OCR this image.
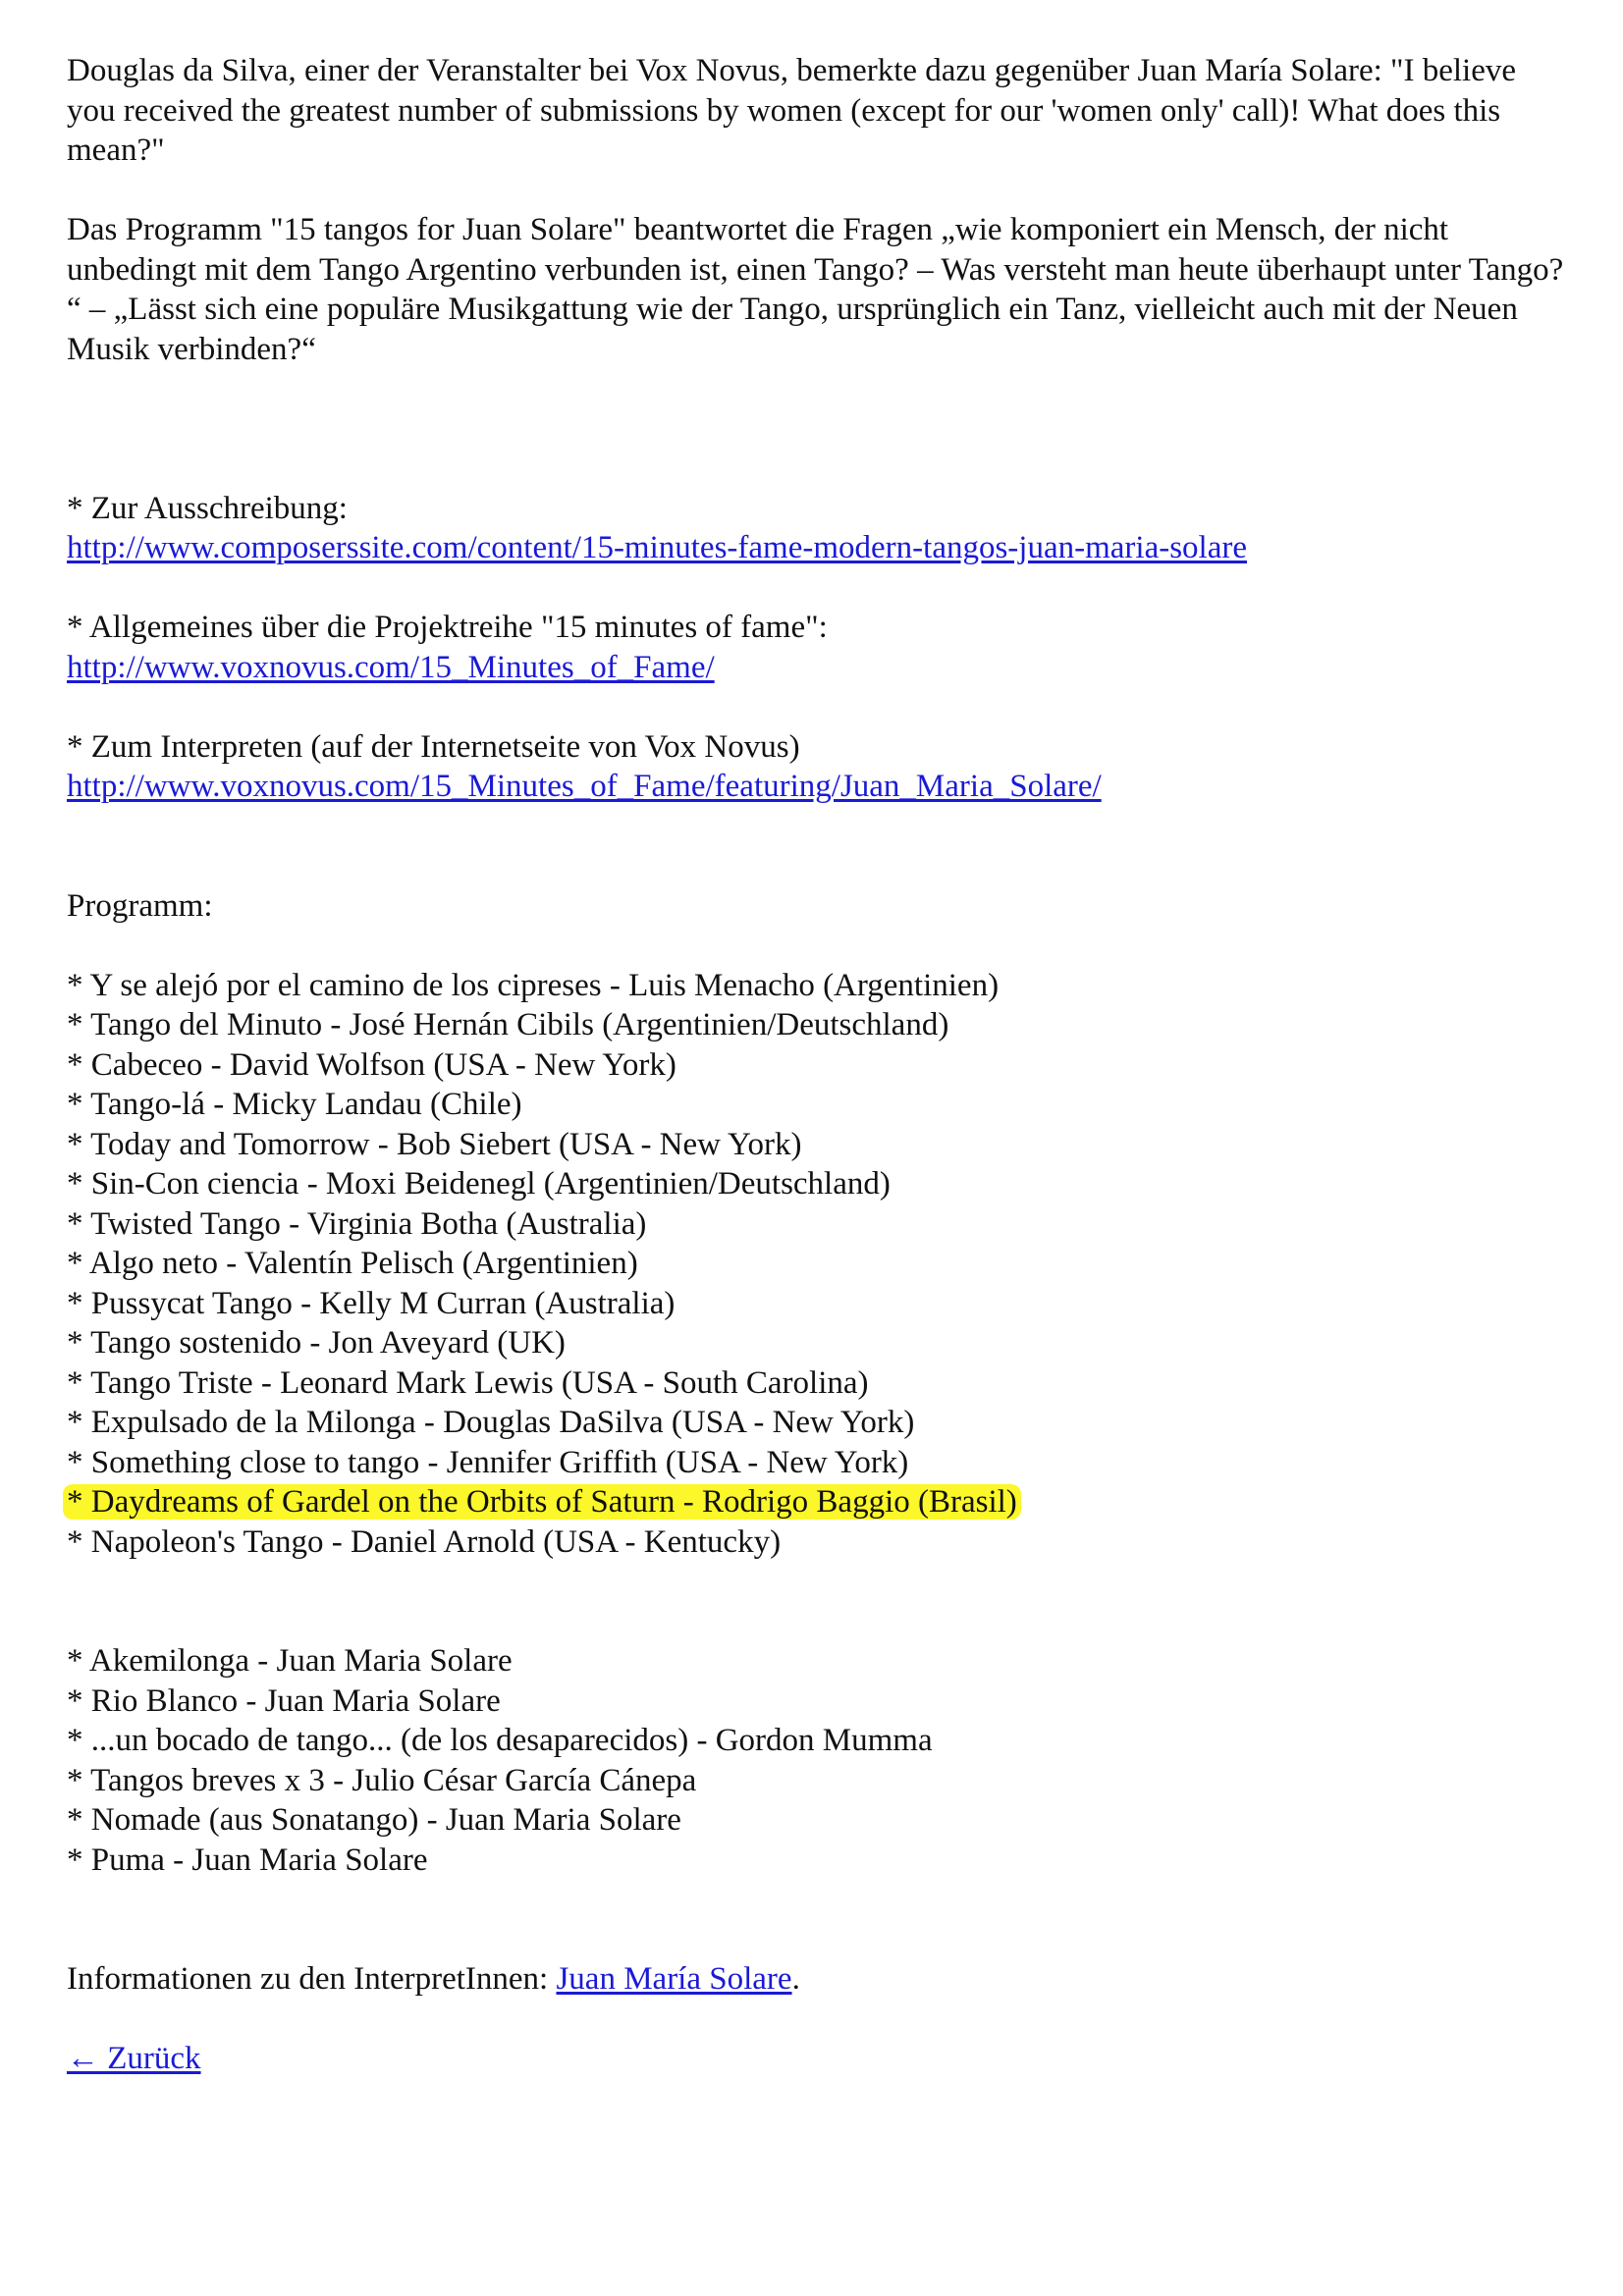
Douglas da Silva, einer der Veranstalter bei Vox Novus, bemerkte dazu gegenüber Juan María Solare: "I believe you received the greatest number of submissions by women (except for our 'women only' call)! What does this mean?"

Das Programm "15 tangos for Juan Solare" beantwortet die Fragen „wie komponiert ein Mensch, der nicht unbedingt mit dem Tango Argentino verbunden ist, einen Tango? – Was versteht man heute überhaupt unter Tango? “ – „Lässt sich eine populäre Musikgattung wie der Tango, ursprünglich ein Tanz, vielleicht auch mit der Neuen Musik verbinden?“

* Zur Ausschreibung:

http://www.composerssite.com/content/15-minutes-fame-modern-tangos-juan-maria-solare

* Allgemeines über die Projektreihe "15 minutes of fame":

http://www.voxnovus.com/15_Minutes_of_Fame/

* Zum Interpreten (auf der Internetseite von Vox Novus)

http://www.voxnovus.com/15_Minutes_of_Fame/featuring/Juan_Maria_Solare/

Programm:

* Y se alejó por el camino de los cipreses - Luis Menacho (Argentinien)
* Tango del Minuto - José Hernán Cibils (Argentinien/Deutschland)
* Cabeceo - David Wolfson (USA - New York)
* Tango-lá - Micky Landau (Chile)
* Today and Tomorrow - Bob Siebert (USA - New York)
* Sin-Con ciencia - Moxi Beidenegl (Argentinien/Deutschland)
* Twisted Tango - Virginia Botha (Australia)
* Algo neto - Valentín Pelisch (Argentinien)
* Pussycat Tango - Kelly M Curran (Australia)
* Tango sostenido - Jon Aveyard (UK)
* Tango Triste - Leonard Mark Lewis (USA - South Carolina)
* Expulsado de la Milonga - Douglas DaSilva (USA - New York)
* Something close to tango - Jennifer Griffith (USA - New York)
* Daydreams of Gardel on the Orbits of Saturn - Rodrigo Baggio (Brasil)
* Napoleon's Tango - Daniel Arnold (USA - Kentucky)
* Akemilonga - Juan Maria Solare
* Rio Blanco - Juan Maria Solare
* ...un bocado de tango... (de los desaparecidos) - Gordon Mumma
* Tangos breves x 3 - Julio César García Cánepa
* Nomade (aus Sonatango) - Juan Maria Solare
* Puma - Juan Maria Solare

Informationen zu den InterpretInnen: Juan María Solare.

← Zurück
